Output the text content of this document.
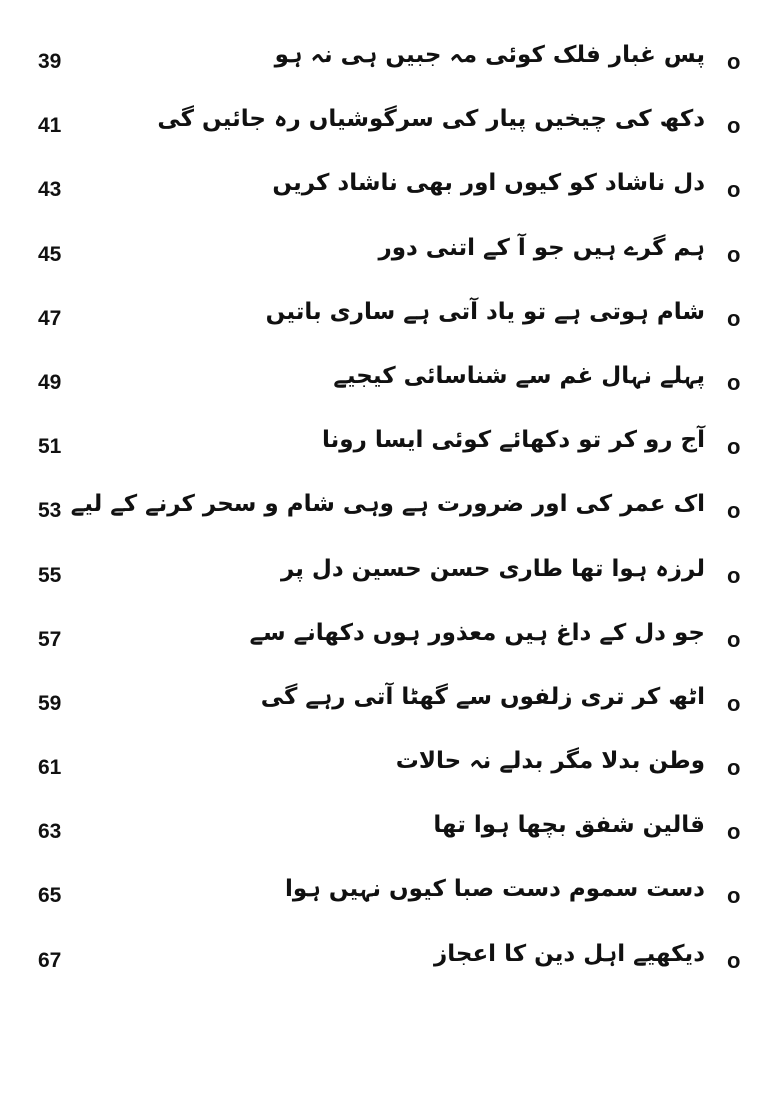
39	پس غبار فلک کوئی مہ جبیں ہی نہ ہو o
41	دکھ کی چیخیں پیار کی سرگوشیاں رہ جائیں گی o
43	دل ناشاد کو کیوں اور بھی ناشاد کریں o
45	ہم گرے ہیں جو آ کے اتنی دور o
47	شام ہوتی ہے تو یاد آتی ہے ساری باتیں o
49	پہلے نہال غم سے شناسائی کیجیے o
51	آج رو کر تو دکھائے کوئی ایسا رونا o
53 اک عمر کی اور ضرورت ہے وہی شام و سحر کرنے کے لیے o
55	لرزہ ہوا تھا طاری حسن حسین دل پر o
57	جو دل کے داغ ہیں معذور ہوں دکھانے سے o
59	اٹھ کر تری زلفوں سے گھٹا آتی رہے گی o
61	وطن بدلا مگر بدلے نہ حالات o
63	قالین شفق بچھا ہوا تھا o
65	دست سموم دست صبا کیوں نہیں ہوا o
67	دیکھیے اہل دین کا اعجاز o
